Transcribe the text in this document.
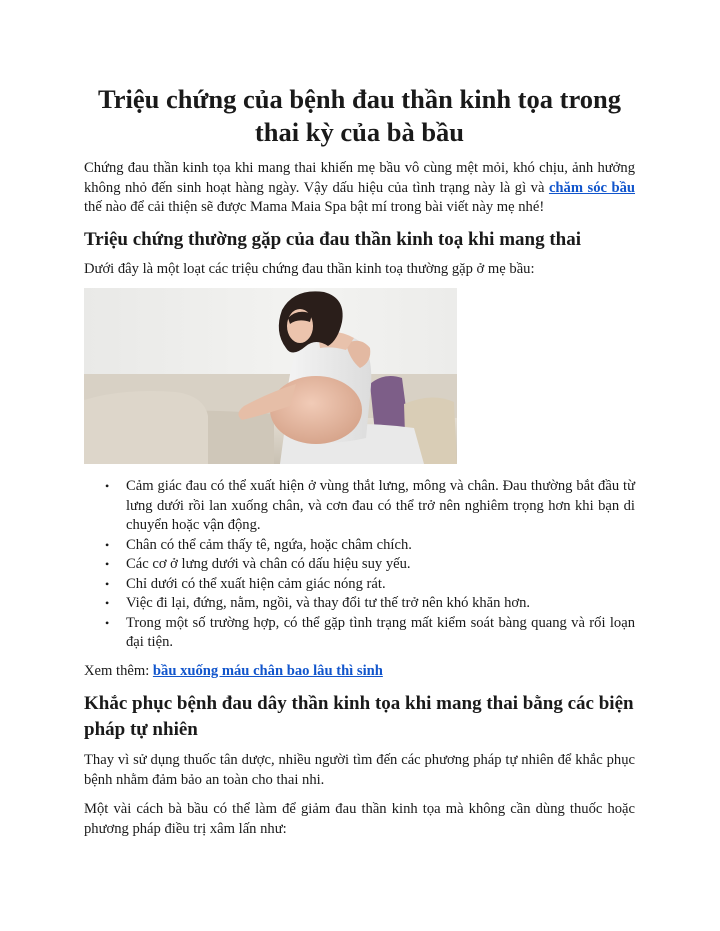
Triệu chứng của bệnh đau thần kinh tọa trong thai kỳ của bà bầu

Chứng đau thần kinh tọa khi mang thai khiến mẹ bầu vô cùng mệt mỏi, khó chịu, ảnh hưởng không nhỏ đến sinh hoạt hàng ngày. Vậy dấu hiệu của tình trạng này là gì và chăm sóc bầu thế nào để cải thiện sẽ được Mama Maia Spa bật mí trong bài viết này mẹ nhé!

Triệu chứng thường gặp của đau thần kinh toạ khi mang thai

Dưới đây là một loạt các triệu chứng đau thần kinh toạ thường gặp ở mẹ bầu:

• Cảm giác đau có thể xuất hiện ở vùng thắt lưng, mông và chân. Đau thường bắt đầu từ lưng dưới rồi lan xuống chân, và cơn đau có thể trở nên nghiêm trọng hơn khi bạn di chuyển hoặc vận động.
• Chân có thể cảm thấy tê, ngứa, hoặc châm chích.
• Các cơ ở lưng dưới và chân có dấu hiệu suy yếu.
• Chỉ dưới có thể xuất hiện cảm giác nóng rát.
• Việc đi lại, đứng, nằm, ngồi, và thay đổi tư thế trở nên khó khăn hơn.
• Trong một số trường hợp, có thể gặp tình trạng mất kiểm soát bàng quang và rối loạn đại tiện.

Xem thêm: bầu xuống máu chân bao lâu thì sinh

Khắc phục bệnh đau dây thần kinh tọa khi mang thai bằng các biện pháp tự nhiên

Thay vì sử dụng thuốc tân dược, nhiều người tìm đến các phương pháp tự nhiên để khắc phục bệnh nhằm đảm bảo an toàn cho thai nhi.

Một vài cách bà bầu có thể làm để giảm đau thần kinh tọa mà không cần dùng thuốc hoặc phương pháp điều trị xâm lấn như:
